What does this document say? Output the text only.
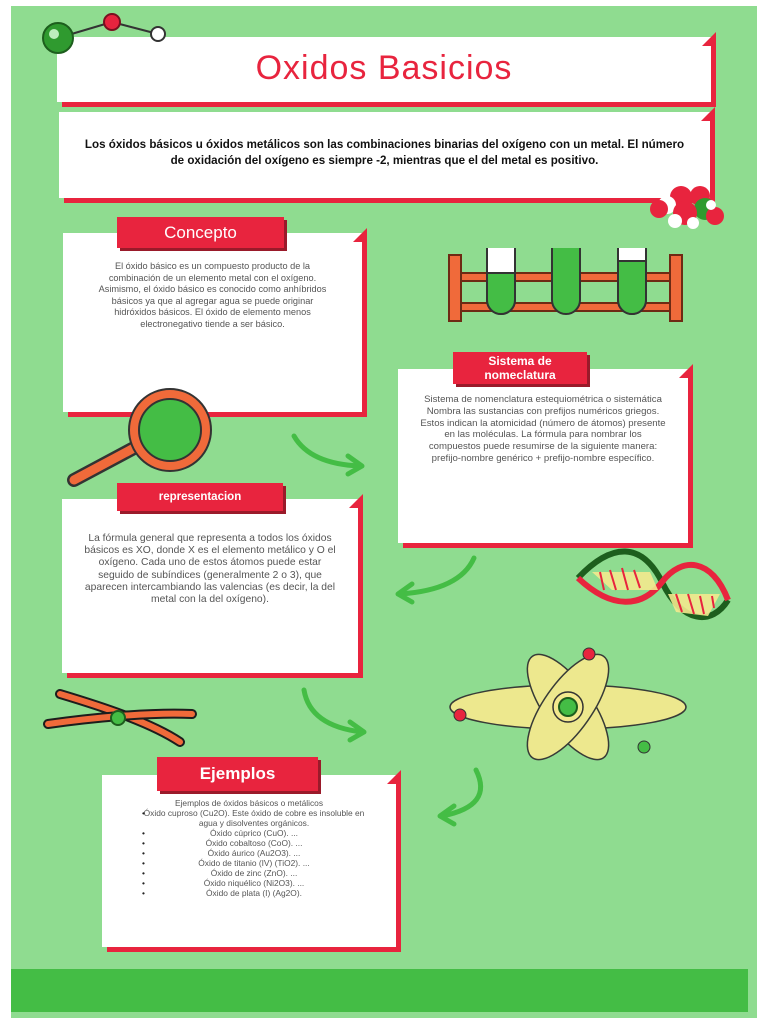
Oxidos Basicios
Los óxidos básicos u óxidos metálicos son las combinaciones binarias del oxígeno con un metal. El número de oxidación del oxígeno es siempre -2, mientras que el del metal es positivo.
El óxido básico es un compuesto producto de la combinación de un elemento metal con el oxígeno. Asimismo, el óxido básico es conocido como anhíbridos básicos ya que al agregar agua se puede originar hidróxidos básicos. El óxido de elemento menos electronegativo tiende a ser básico.
Concepto
Sistema de nomenclatura estequiométrica o sistemática Nombra las sustancias con prefijos numéricos griegos. Estos indican la atomicidad (número de átomos) presente en las moléculas. La fórmula para nombrar los compuestos puede resumirse de la siguiente manera: prefijo-nombre genérico + prefijo-nombre específico.
Sistema de nomeclatura
La fórmula general que representa a todos los óxidos básicos es XO, donde X es el elemento metálico y O el oxígeno. Cada uno de estos átomos puede estar seguido de subíndices (generalmente 2 o 3), que aparecen intercambiando las valencias (es decir, la del metal con la del oxígeno).
representacion
Ejemplos de óxidos básicos o metálicos
• Óxido cuproso (Cu2O). Este óxido de cobre es insoluble en agua y disolventes orgánicos.
• Óxido cúprico (CuO). ...
• Óxido cobaltoso (CoO). ...
• Óxido áurico (Au2O3). ...
• Óxido de titanio (IV) (TiO2). ...
• Óxido de zinc (ZnO). ...
• Óxido niquélico (Ni2O3). ...
• Óxido de plata (I) (Ag2O).
Ejemplos
